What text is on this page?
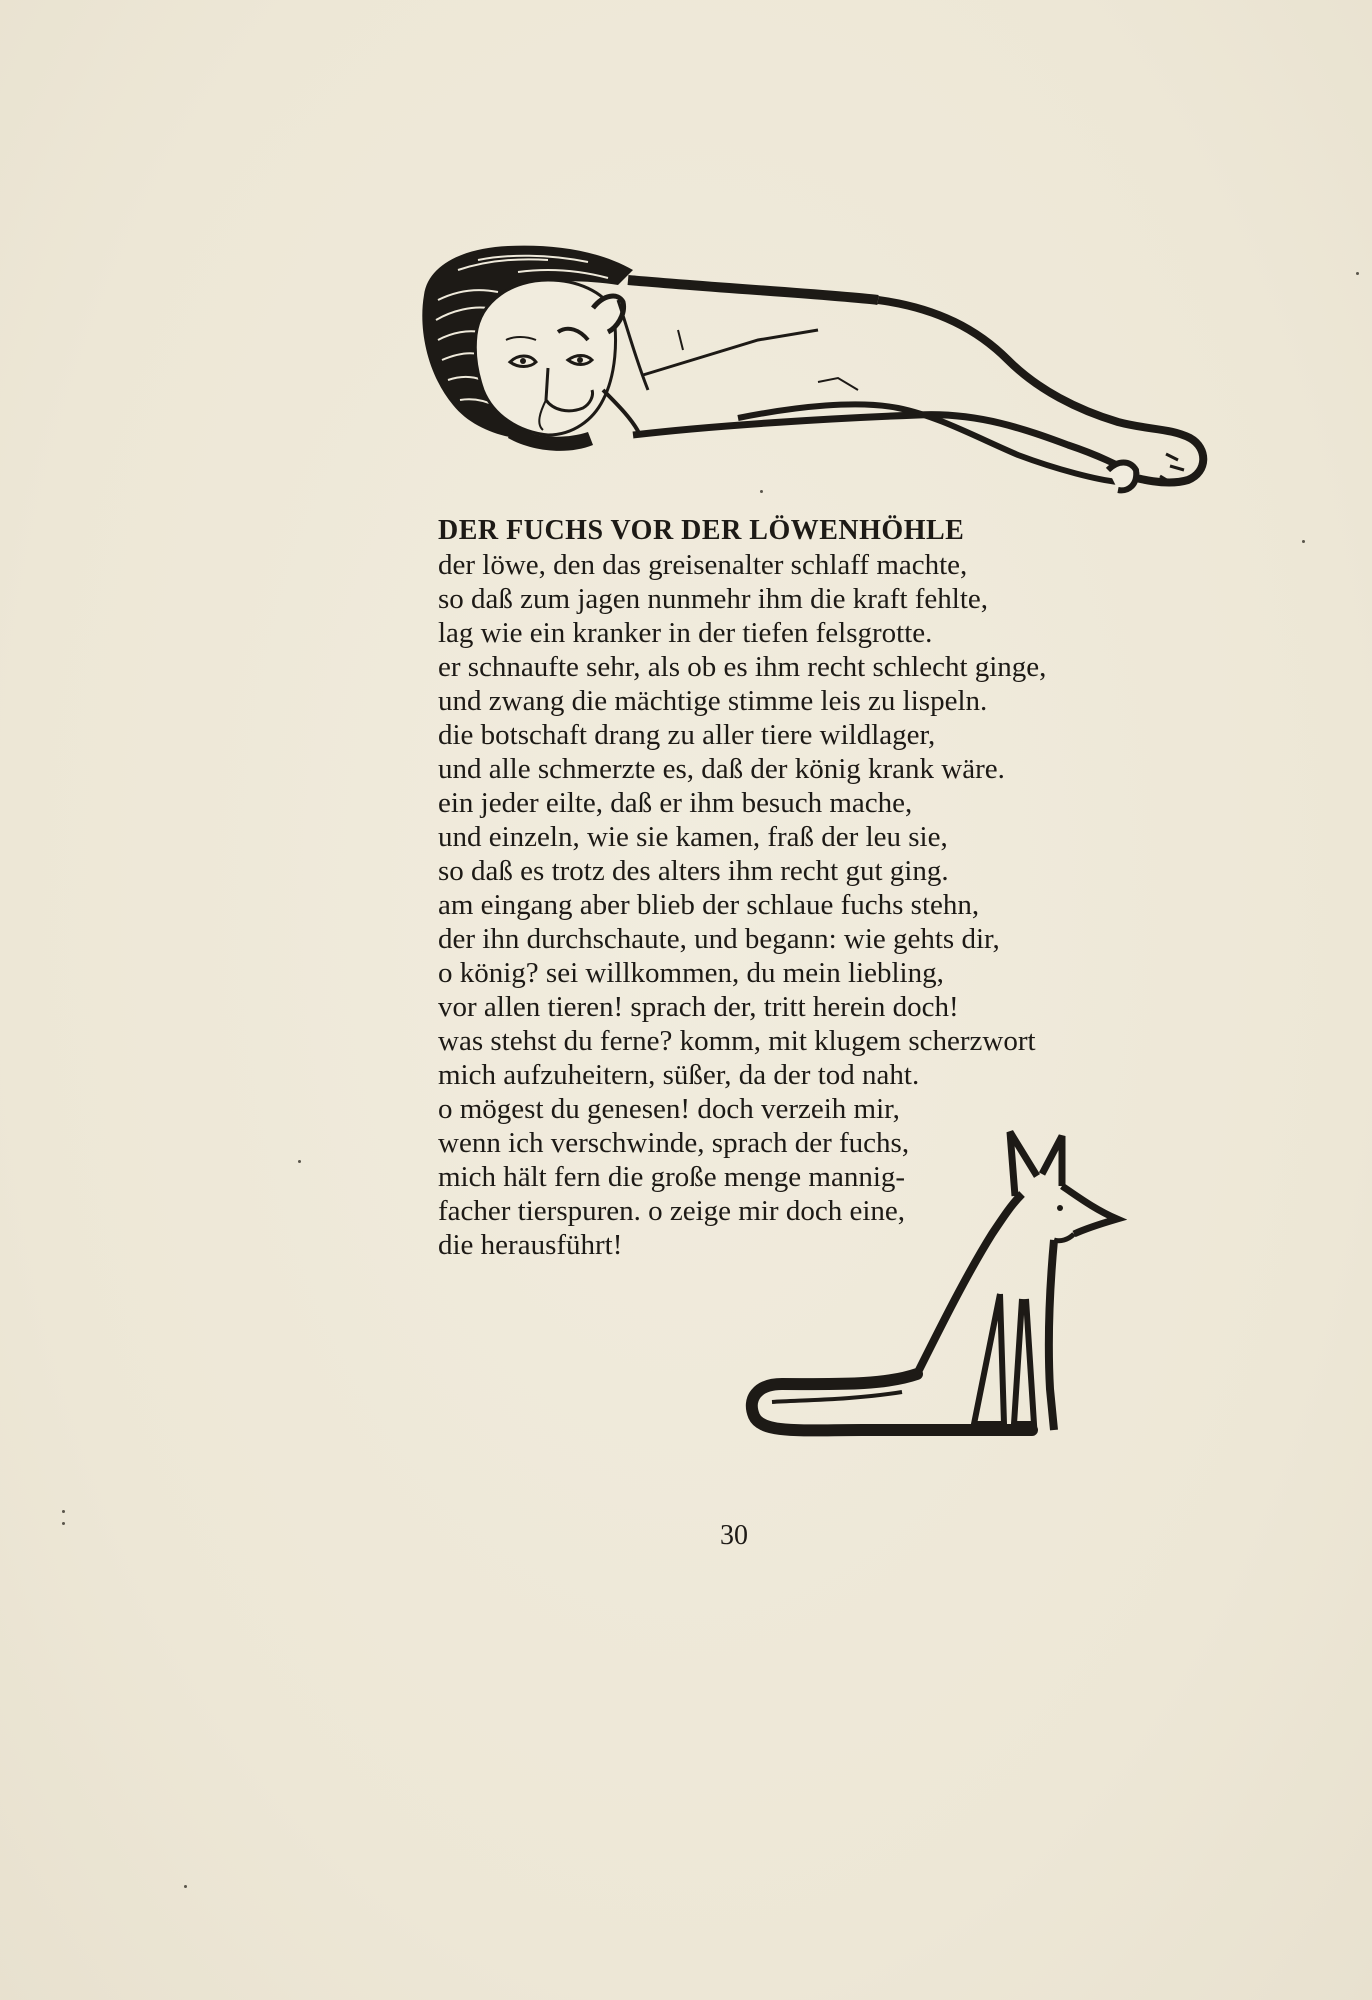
DER FUCHS VOR DER LÖWENHÖHLE
der löwe, den das greisenalter schlaff machte,
so daß zum jagen nunmehr ihm die kraft fehlte,
lag wie ein kranker in der tiefen felsgrotte.
er schnaufte sehr, als ob es ihm recht schlecht ginge,
und zwang die mächtige stimme leis zu lispeln.
die botschaft drang zu aller tiere wildlager,
und alle schmerzte es, daß der könig krank wäre.
ein jeder eilte, daß er ihm besuch mache,
und einzeln, wie sie kamen, fraß der leu sie,
so daß es trotz des alters ihm recht gut ging.
am eingang aber blieb der schlaue fuchs stehn,
der ihn durchschaute, und begann: wie gehts dir,
o könig? sei willkommen, du mein liebling,
vor allen tieren! sprach der, tritt herein doch!
was stehst du ferne? komm, mit klugem scherzwort
mich aufzuheitern, süßer, da der tod naht.
o mögest du genesen! doch verzeih mir,
wenn ich verschwinde, sprach der fuchs,
mich hält fern die große menge mannig-
facher tierspuren. o zeige mir doch eine,
die herausführt!
30
